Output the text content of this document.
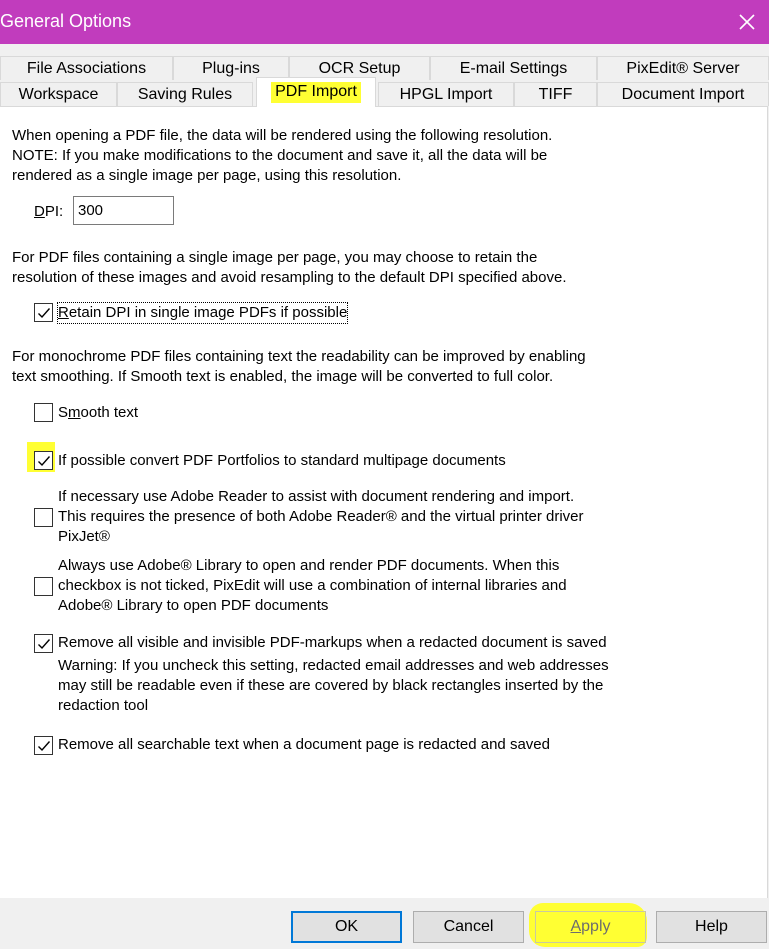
General Options
File Associations	Plug-ins	OCR Setup	E-mail Settings	PixEdit® Server
Workspace	Saving Rules	PDF Import	HPGL Import	TIFF	Document Import
When opening a PDF file, the data will be rendered using the following resolution.
NOTE: If you make modifications to the document and save it, all the data will be
rendered as a single image per page, using this resolution.
DPI:
300
For PDF files containing a single image per page, you may choose to retain the
resolution of these images and avoid resampling to the default DPI specified above.
Retain DPI in single image PDFs if possible
For monochrome PDF files containing text the readability can be improved by enabling
text smoothing. If Smooth text is enabled, the image will be converted to full color.
Smooth text
If possible convert PDF Portfolios to standard multipage documents
If necessary use Adobe Reader to assist with document rendering and import.
This requires the presence of both Adobe Reader® and the virtual printer driver
PixJet®
Always use Adobe® Library to open and render PDF documents. When this
checkbox is not ticked, PixEdit will use a combination of internal libraries and
Adobe® Library to open PDF documents
Remove all visible and invisible PDF-markups when a redacted document is saved
Warning: If you uncheck this setting, redacted email addresses and web addresses
may still be readable even if these are covered by black rectangles inserted by the
redaction tool
Remove all searchable text when a document page is redacted and saved
OK	Cancel	Apply	Help
